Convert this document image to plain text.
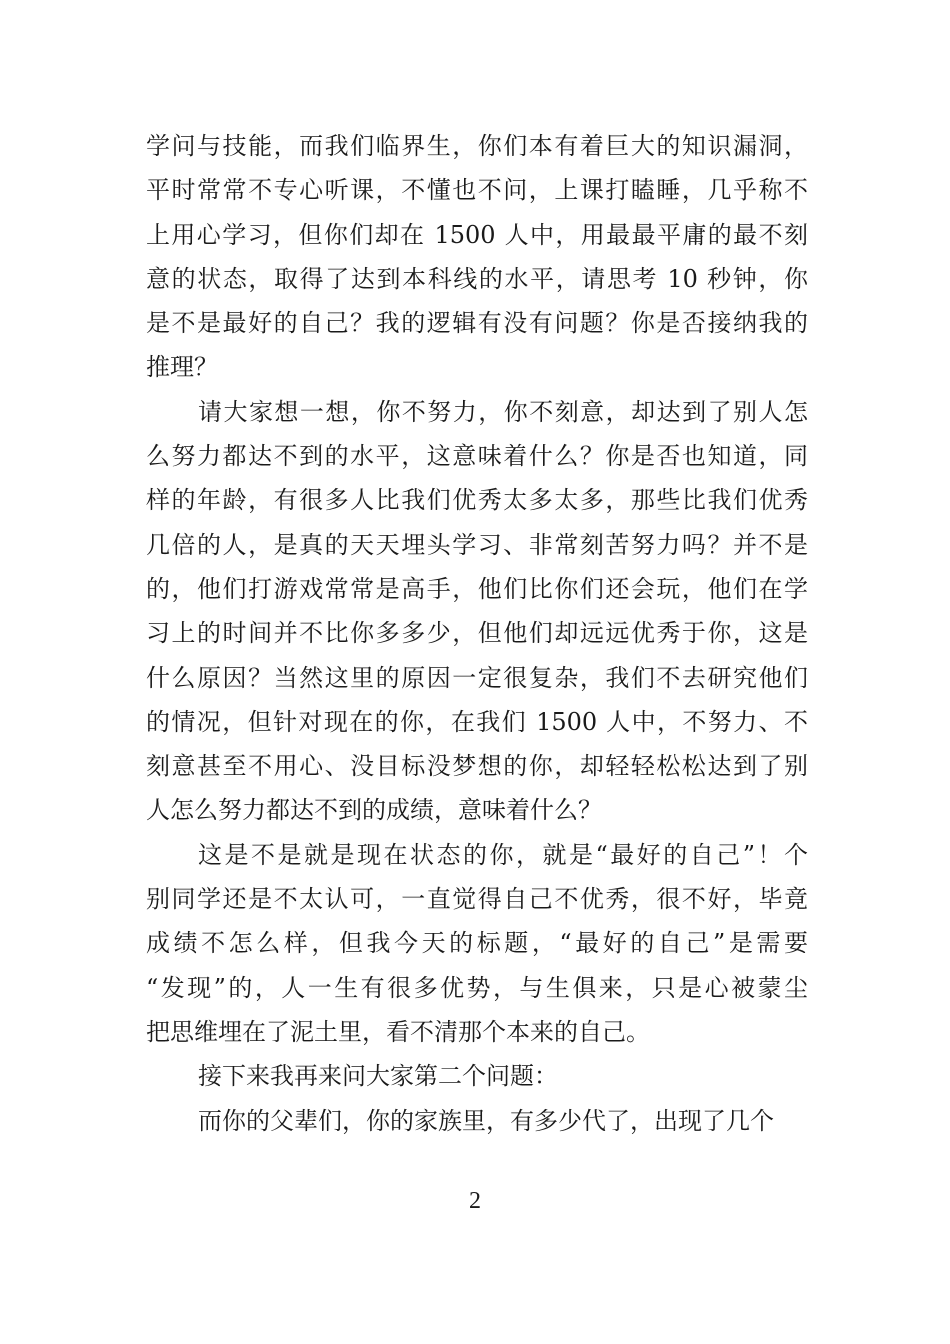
学问与技能，而我们临界生，你们本有着巨大的知识漏洞，
平时常常不专心听课，不懂也不问，上课打瞌睡，几乎称不
上用心学习，但你们却在 1500 人中，用最最平庸的最不刻
意的状态，取得了达到本科线的水平，请思考 10 秒钟，你
是不是最好的自己？我的逻辑有没有问题？你是否接纳我的
推理？
请大家想一想，你不努力，你不刻意，却达到了别人怎
么努力都达不到的水平，这意味着什么？你是否也知道，同
样的年龄，有很多人比我们优秀太多太多，那些比我们优秀
几倍的人，是真的天天埋头学习、非常刻苦努力吗？并不是
的，他们打游戏常常是高手，他们比你们还会玩，他们在学
习上的时间并不比你多多少，但他们却远远优秀于你，这是
什么原因？当然这里的原因一定很复杂，我们不去研究他们
的情况，但针对现在的你，在我们 1500 人中，不努力、不
刻意甚至不用心、没目标没梦想的你，却轻轻松松达到了别
人怎么努力都达不到的成绩，意味着什么？
这是不是就是现在状态的你，就是“最好的自己”！个
别同学还是不太认可，一直觉得自己不优秀，很不好，毕竟
成绩不怎么样，但我今天的标题，“最好的自己”是需要
“发现”的，人一生有很多优势，与生俱来，只是心被蒙尘
把思维埋在了泥土里，看不清那个本来的自己。
接下来我再来问大家第二个问题：
而你的父辈们，你的家族里，有多少代了，出现了几个
2
